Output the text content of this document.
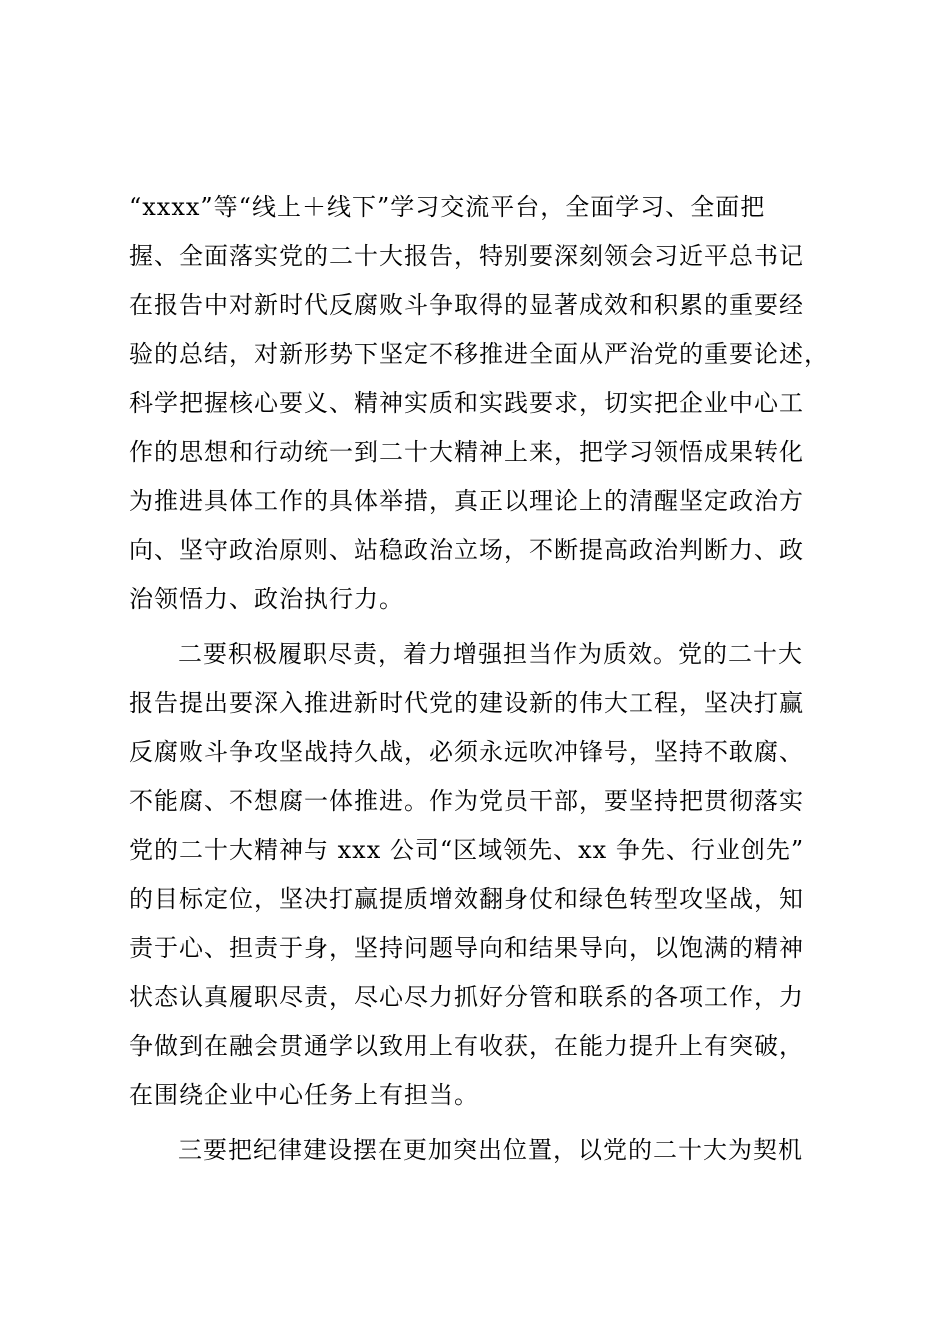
“xxxx”等“线上＋线下”学习交流平台，全面学习、全面把
握、全面落实党的二十大报告，特别要深刻领会习近平总书记
在报告中对新时代反腐败斗争取得的显著成效和积累的重要经
验的总结，对新形势下坚定不移推进全面从严治党的重要论述，
科学把握核心要义、精神实质和实践要求，切实把企业中心工
作的思想和行动统一到二十大精神上来，把学习领悟成果转化
为推进具体工作的具体举措，真正以理论上的清醒坚定政治方
向、坚守政治原则、站稳政治立场，不断提高政治判断力、政
治领悟力、政治执行力。
二要积极履职尽责，着力增强担当作为质效。党的二十大
报告提出要深入推进新时代党的建设新的伟大工程，坚决打赢
反腐败斗争攻坚战持久战，必须永远吹冲锋号，坚持不敢腐、
不能腐、不想腐一体推进。作为党员干部，要坚持把贯彻落实
党的二十大精神与 xxx 公司“区域领先、xx 争先、行业创先”
的目标定位，坚决打赢提质增效翻身仗和绿色转型攻坚战，知
责于心、担责于身，坚持问题导向和结果导向，以饱满的精神
状态认真履职尽责，尽心尽力抓好分管和联系的各项工作，力
争做到在融会贯通学以致用上有收获，在能力提升上有突破，
在围绕企业中心任务上有担当。
三要把纪律建设摆在更加突出位置，以党的二十大为契机
